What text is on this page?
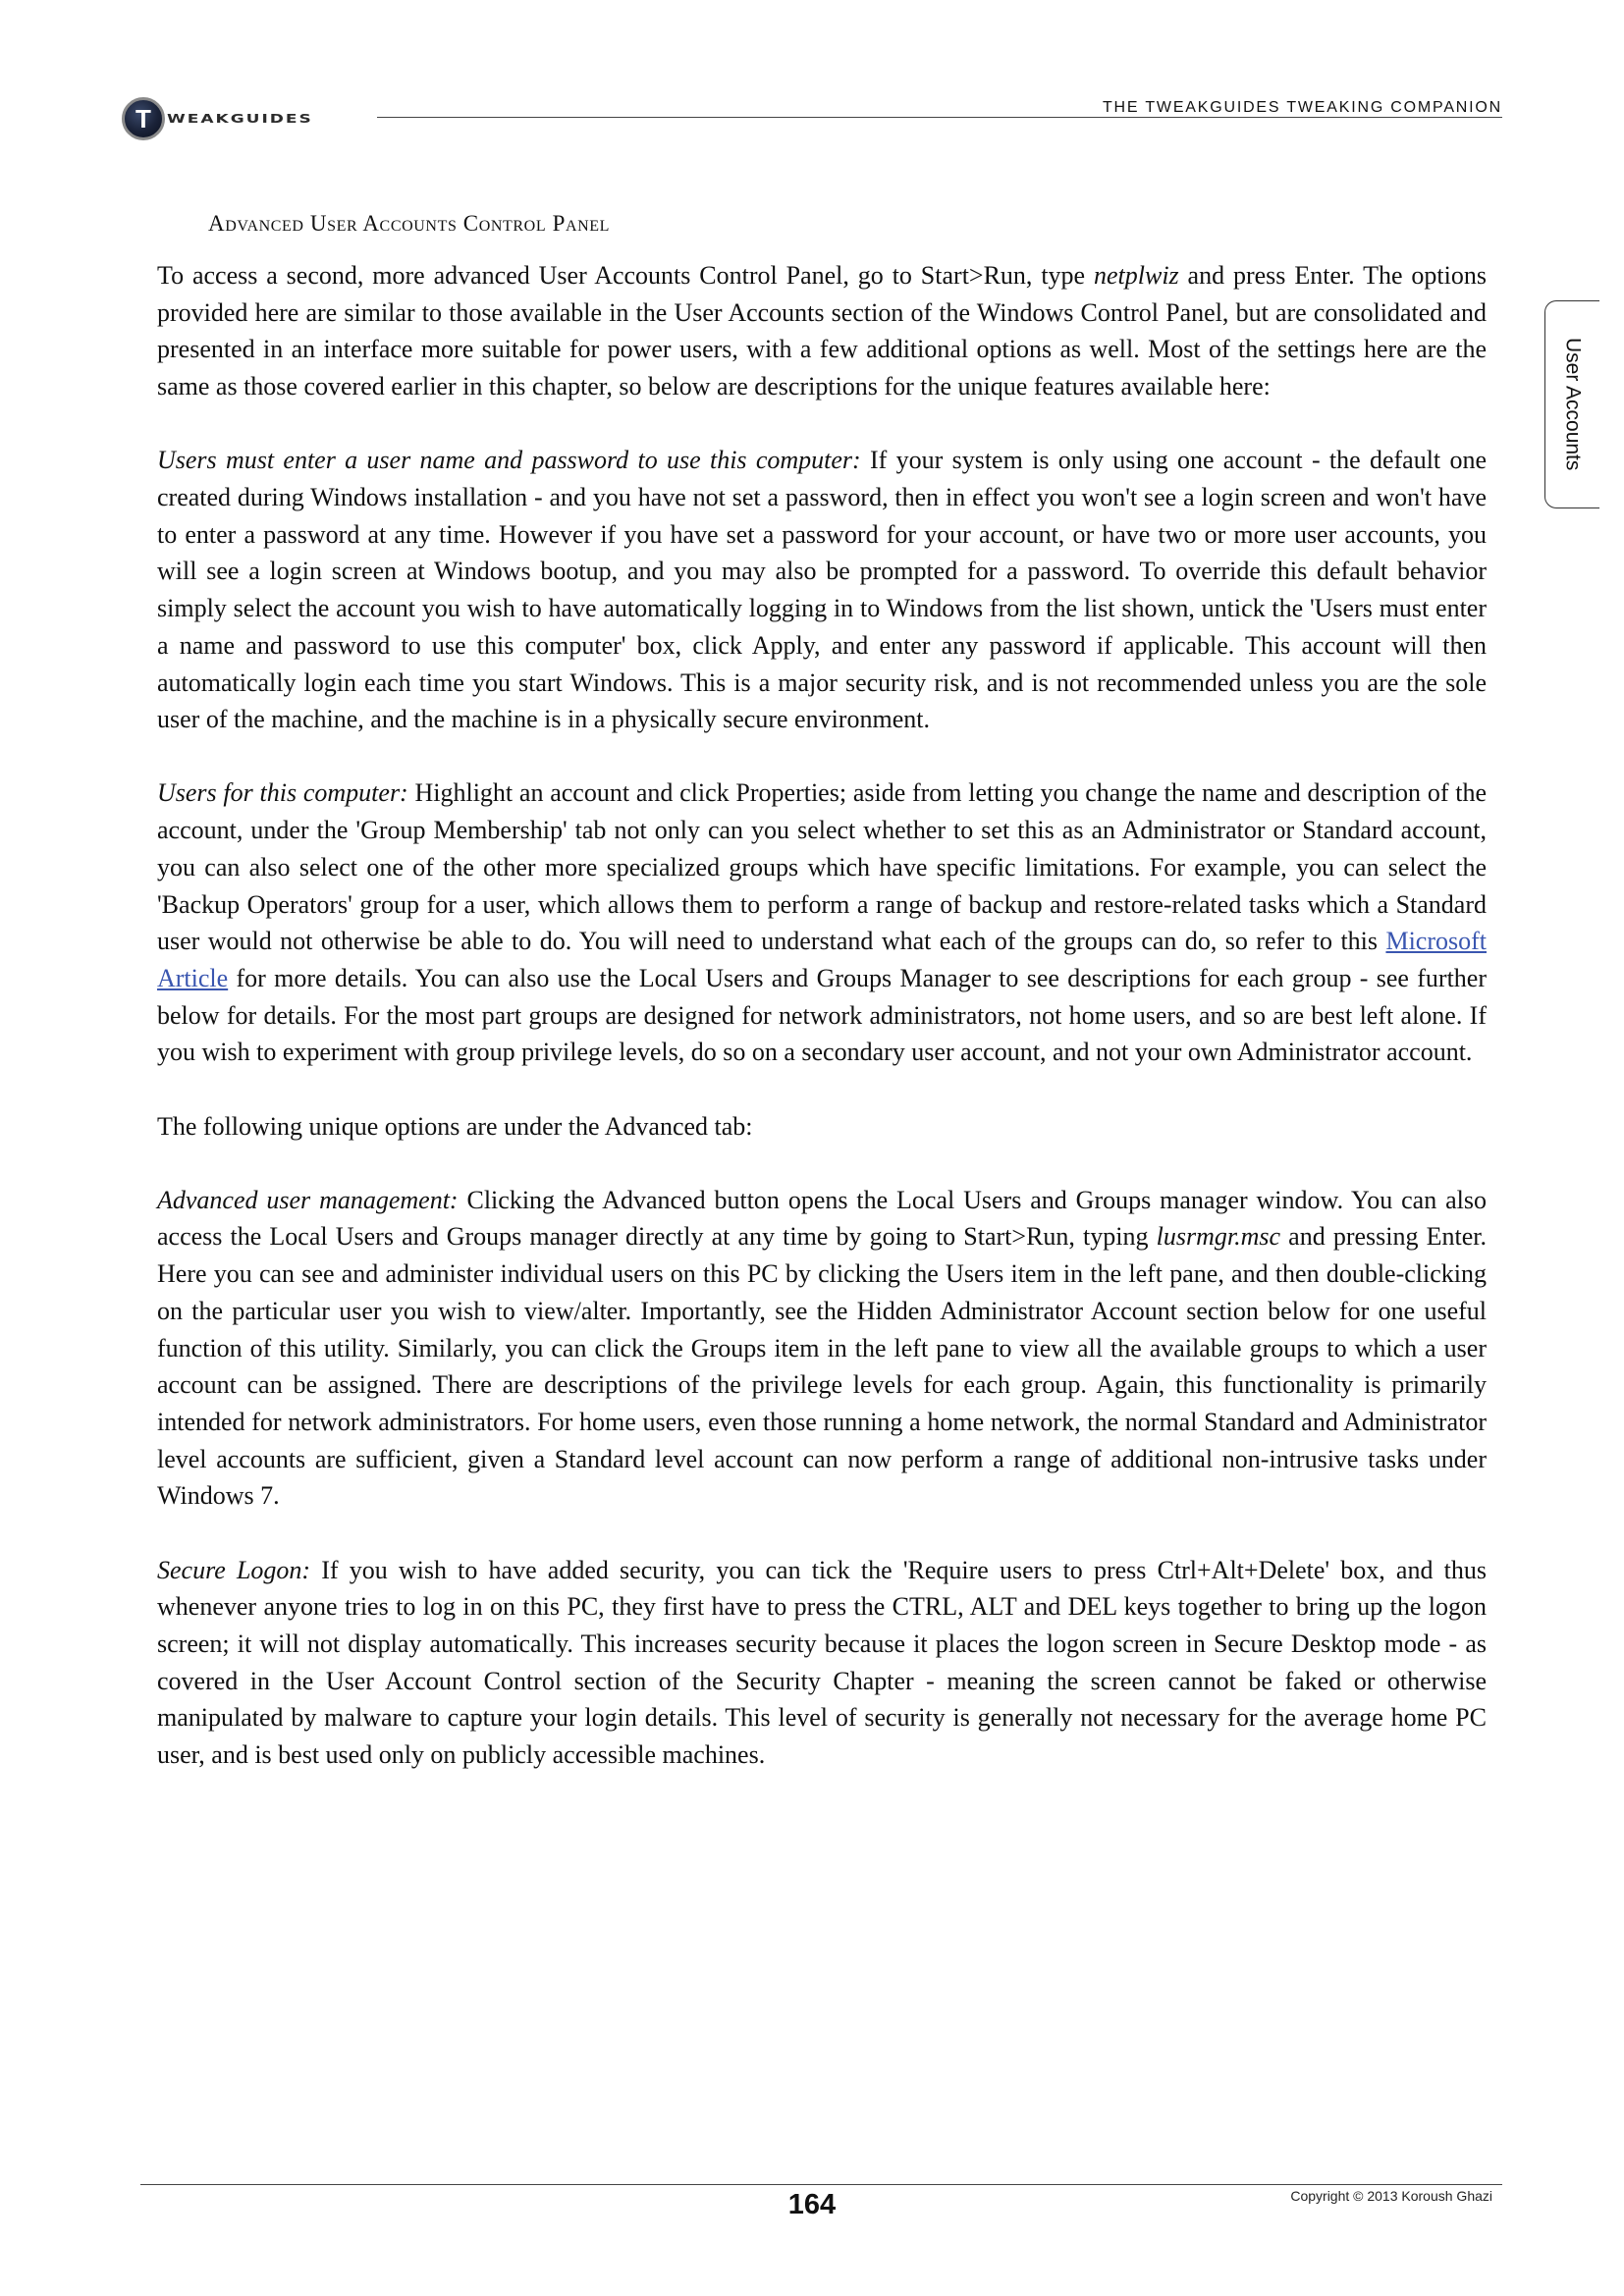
T WEAKGUIDES
THE TWEAKGUIDES TWEAKING COMPANION
User Accounts
Advanced User Accounts Control Panel

To access a second, more advanced User Accounts Control Panel, go to Start>Run, type netplwiz and press Enter. The options provided here are similar to those available in the User Accounts section of the Windows Control Panel, but are consolidated and presented in an interface more suitable for power users, with a few additional options as well. Most of the settings here are the same as those covered earlier in this chapter, so below are descriptions for the unique features available here:

Users must enter a user name and password to use this computer: If your system is only using one account - the default one created during Windows installation - and you have not set a password, then in effect you won't see a login screen and won't have to enter a password at any time. However if you have set a password for your account, or have two or more user accounts, you will see a login screen at Windows bootup, and you may also be prompted for a password. To override this default behavior simply select the account you wish to have automatically logging in to Windows from the list shown, untick the 'Users must enter a name and password to use this computer' box, click Apply, and enter any password if applicable. This account will then automatically login each time you start Windows. This is a major security risk, and is not recommended unless you are the sole user of the machine, and the machine is in a physically secure environment.

Users for this computer: Highlight an account and click Properties; aside from letting you change the name and description of the account, under the 'Group Membership' tab not only can you select whether to set this as an Administrator or Standard account, you can also select one of the other more specialized groups which have specific limitations. For example, you can select the 'Backup Operators' group for a user, which allows them to perform a range of backup and restore-related tasks which a Standard user would not otherwise be able to do. You will need to understand what each of the groups can do, so refer to this Microsoft Article for more details. You can also use the Local Users and Groups Manager to see descriptions for each group - see further below for details. For the most part groups are designed for network administrators, not home users, and so are best left alone. If you wish to experiment with group privilege levels, do so on a secondary user account, and not your own Administrator account.

The following unique options are under the Advanced tab:

Advanced user management: Clicking the Advanced button opens the Local Users and Groups manager window. You can also access the Local Users and Groups manager directly at any time by going to Start>Run, typing lusrmgr.msc and pressing Enter. Here you can see and administer individual users on this PC by clicking the Users item in the left pane, and then double-clicking on the particular user you wish to view/alter. Importantly, see the Hidden Administrator Account section below for one useful function of this utility. Similarly, you can click the Groups item in the left pane to view all the available groups to which a user account can be assigned. There are descriptions of the privilege levels for each group. Again, this functionality is primarily intended for network administrators. For home users, even those running a home network, the normal Standard and Administrator level accounts are sufficient, given a Standard level account can now perform a range of additional non-intrusive tasks under Windows 7.

Secure Logon: If you wish to have added security, you can tick the 'Require users to press Ctrl+Alt+Delete' box, and thus whenever anyone tries to log in on this PC, they first have to press the CTRL, ALT and DEL keys together to bring up the logon screen; it will not display automatically. This increases security because it places the logon screen in Secure Desktop mode - as covered in the User Account Control section of the Security Chapter - meaning the screen cannot be faked or otherwise manipulated by malware to capture your login details. This level of security is generally not necessary for the average home PC user, and is best used only on publicly accessible machines.

164	Copyright © 2013 Koroush Ghazi
